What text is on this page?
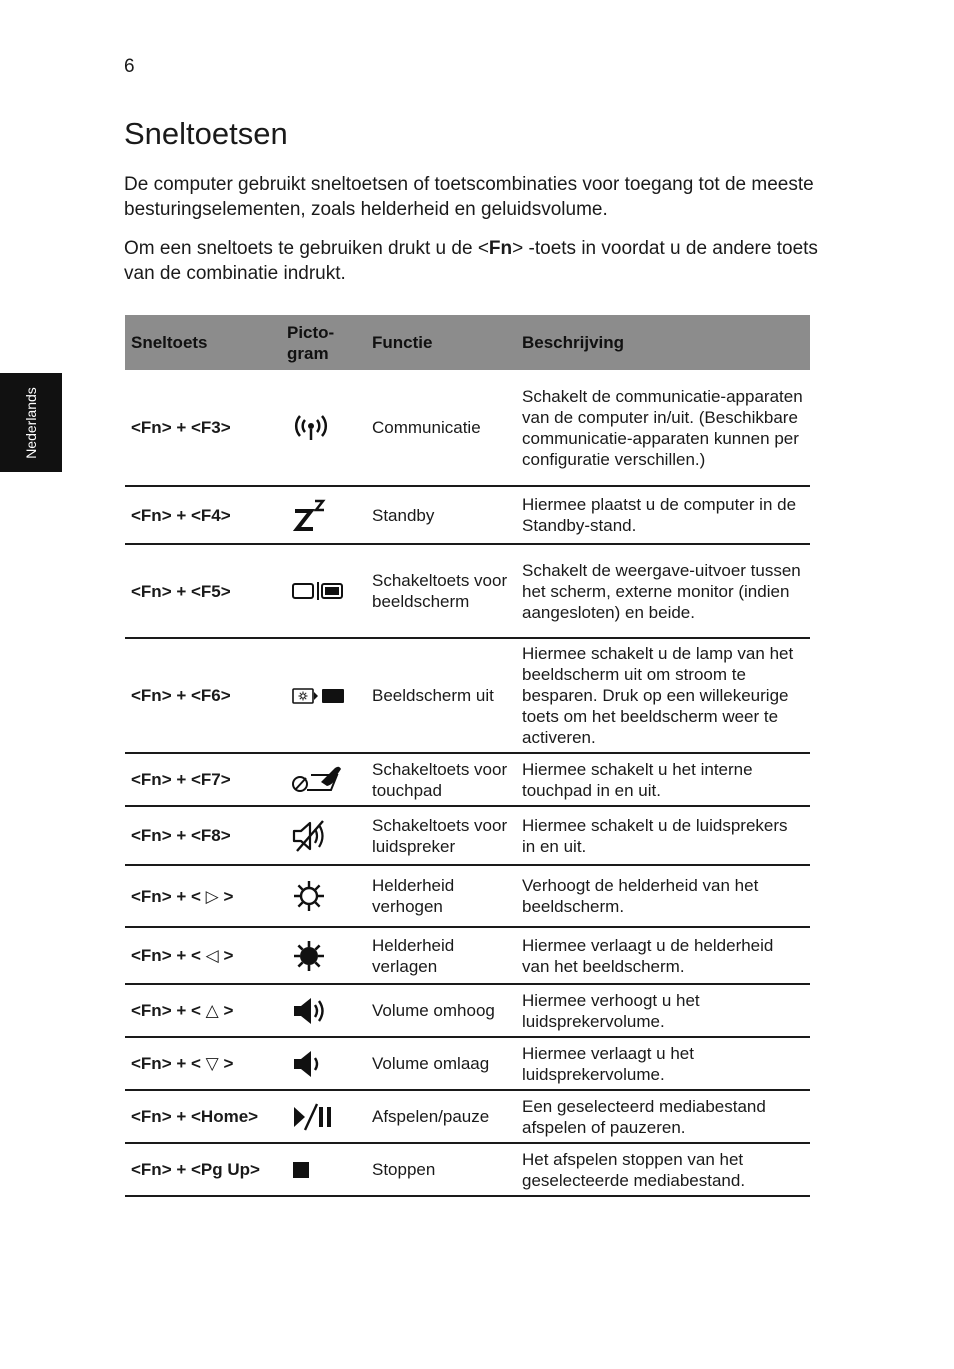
6
Nederlands
Sneltoetsen

De computer gebruikt sneltoetsen of toetscombinaties voor toegang tot de meeste besturingselementen, zoals helderheid en geluidsvolume.

Om een sneltoets te gebruiken drukt u de <Fn> -toets in voordat u de andere toets van de combinatie indrukt.

Sneltoets	Picto-gram	Functie	Beschrijving
<Fn> + <F3>		Communicatie	Schakelt de communicatie-apparaten van de computer in/uit. (Beschikbare communicatie-apparaten kunnen per configuratie verschillen.)
<Fn> + <F4>		Standby	Hiermee plaatst u de computer in de Standby-stand.
<Fn> + <F5>		Schakeltoets voor beeldscherm	Schakelt de weergave-uitvoer tussen het scherm, externe monitor (indien aangesloten) en beide.
<Fn> + <F6>		Beeldscherm uit	Hiermee schakelt u de lamp van het beeldscherm uit om stroom te besparen. Druk op een willekeurige toets om het beeldscherm weer te activeren.
<Fn> + <F7>		Schakeltoets voor touchpad	Hiermee schakelt u het interne touchpad in en uit.
<Fn> + <F8>		Schakeltoets voor luidspreker	Hiermee schakelt u de luidsprekers in en uit.
<Fn> + < ▷ >		Helderheid verhogen	Verhoogt de helderheid van het beeldscherm.
<Fn> + < ◁ >		Helderheid verlagen	Hiermee verlaagt u de helderheid van het beeldscherm.
<Fn> + < △ >		Volume omhoog	Hiermee verhoogt u het luidsprekervolume.
<Fn> + < ▽ >		Volume omlaag	Hiermee verlaagt u het luidsprekervolume.
<Fn> + <Home>		Afspelen/pauze	Een geselecteerd mediabestand afspelen of pauzeren.
<Fn> + <Pg Up>		Stoppen	Het afspelen stoppen van het geselecteerde mediabestand.
